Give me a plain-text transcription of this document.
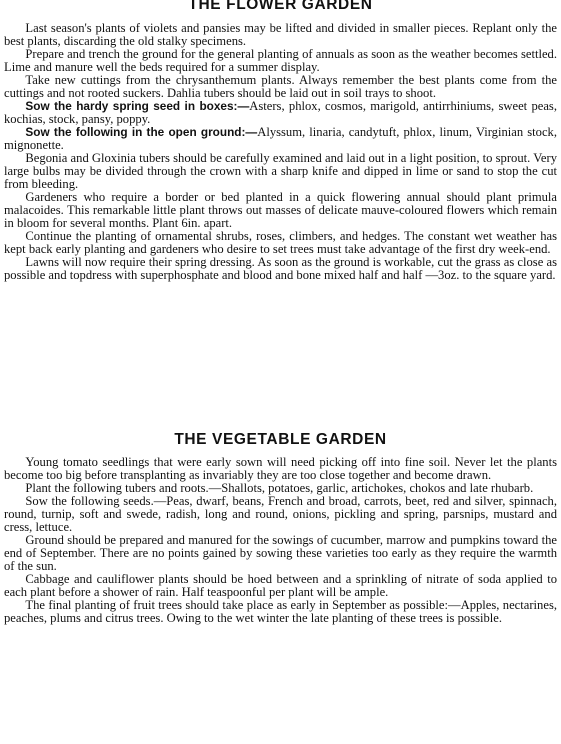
THE FLOWER GARDEN

Last season's plants of violets and pansies may be lifted and divided in smaller pieces. Replant only the best plants, discarding the old stalky specimens.

Prepare and trench the ground for the general planting of annuals as soon as the weather becomes settled. Lime and manure well the beds required for a summer display.

Take new cuttings from the chrysanthemum plants. Always remember the best plants come from the cuttings and not rooted suckers. Dahlia tubers should be laid out in soil trays to shoot.

Sow the hardy spring seed in boxes:—Asters, phlox, cosmos, marigold, antirrhiniums, sweet peas, kochias, stock, pansy, poppy.

Sow the following in the open ground:—Alyssum, linaria, candytuft, phlox, linum, Virginian stock, mignonette.

Begonia and Gloxinia tubers should be carefully examined and laid out in a light position, to sprout. Very large bulbs may be divided through the crown with a sharp knife and dipped in lime or sand to stop the cut from bleeding.

Gardeners who require a border or bed planted in a quick flowering annual should plant primula malacoides. This remarkable little plant throws out masses of delicate mauve-coloured flowers which remain in bloom for several months. Plant 6in. apart.

Continue the planting of ornamental shrubs, roses, climbers, and hedges. The constant wet weather has kept back early planting and gardeners who desire to set trees must take advantage of the first dry week-end.

Lawns will now require their spring dressing. As soon as the ground is workable, cut the grass as close as possible and topdress with superphosphate and blood and bone mixed half and half —3oz. to the square yard.

THE VEGETABLE GARDEN

Young tomato seedlings that were early sown will need picking off into fine soil. Never let the plants become too big before transplanting as invariably they are too close together and become drawn.

Plant the following tubers and roots.—Shallots, potatoes, garlic, artichokes, chokos and late rhubarb.

Sow the following seeds.—Peas, dwarf, beans, French and broad, carrots, beet, red and silver, spinnach, round, turnip, soft and swede, radish, long and round, onions, pickling and spring, parsnips, mustard and cress, lettuce.

Ground should be prepared and manured for the sowings of cucumber, marrow and pumpkins toward the end of September. There are no points gained by sowing these varieties too early as they require the warmth of the sun.

Cabbage and cauliflower plants should be hoed between and a sprinkling of nitrate of soda applied to each plant before a shower of rain. Half teaspoonful per plant will be ample.

The final planting of fruit trees should take place as early in September as possible:—Apples, nectarines, peaches, plums and citrus trees. Owing to the wet winter the late planting of these trees is possible.
